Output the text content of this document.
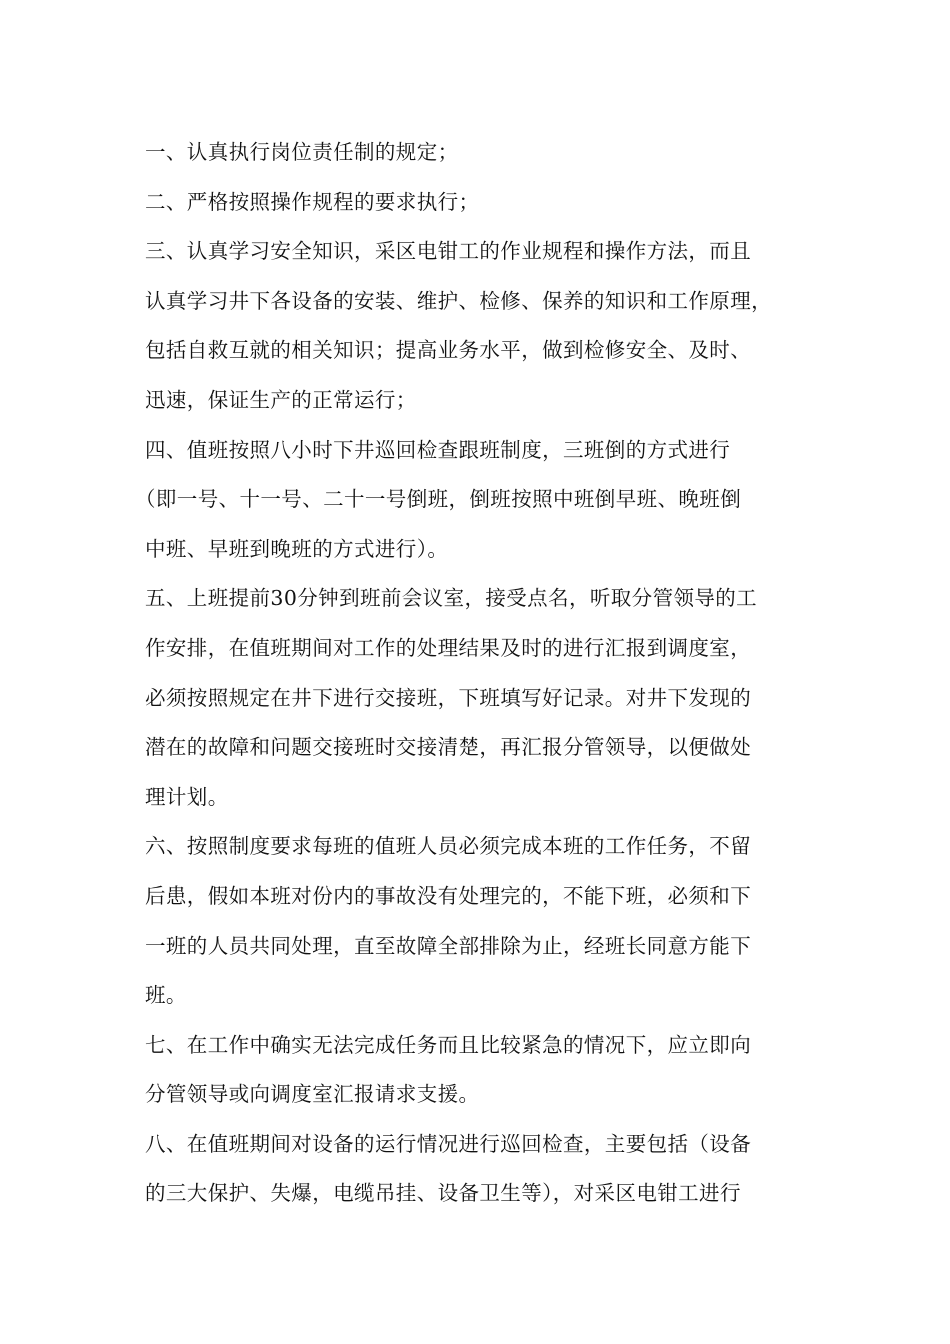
一、认真执行岗位责任制的规定；
二、严格按照操作规程的要求执行；
三、认真学习安全知识，采区电钳工的作业规程和操作方法，而且
认真学习井下各设备的安装、维护、检修、保养的知识和工作原理，
包括自救互就的相关知识；提高业务水平，做到检修安全、及时、
迅速，保证生产的正常运行；
四、值班按照八小时下井巡回检查跟班制度，三班倒的方式进行
（即一号、十一号、二十一号倒班，倒班按照中班倒早班、晚班倒
中班、早班到晚班的方式进行）。
五、上班提前30分钟到班前会议室，接受点名，听取分管领导的工
作安排，在值班期间对工作的处理结果及时的进行汇报到调度室，
必须按照规定在井下进行交接班，下班填写好记录。对井下发现的
潜在的故障和问题交接班时交接清楚，再汇报分管领导，以便做处
理计划。
六、按照制度要求每班的值班人员必须完成本班的工作任务，不留
后患，假如本班对份内的事故没有处理完的，不能下班，必须和下
一班的人员共同处理，直至故障全部排除为止，经班长同意方能下
班。
七、在工作中确实无法完成任务而且比较紧急的情况下，应立即向
分管领导或向调度室汇报请求支援。
八、在值班期间对设备的运行情况进行巡回检查，主要包括（设备
的三大保护、失爆，电缆吊挂、设备卫生等），对采区电钳工进行
